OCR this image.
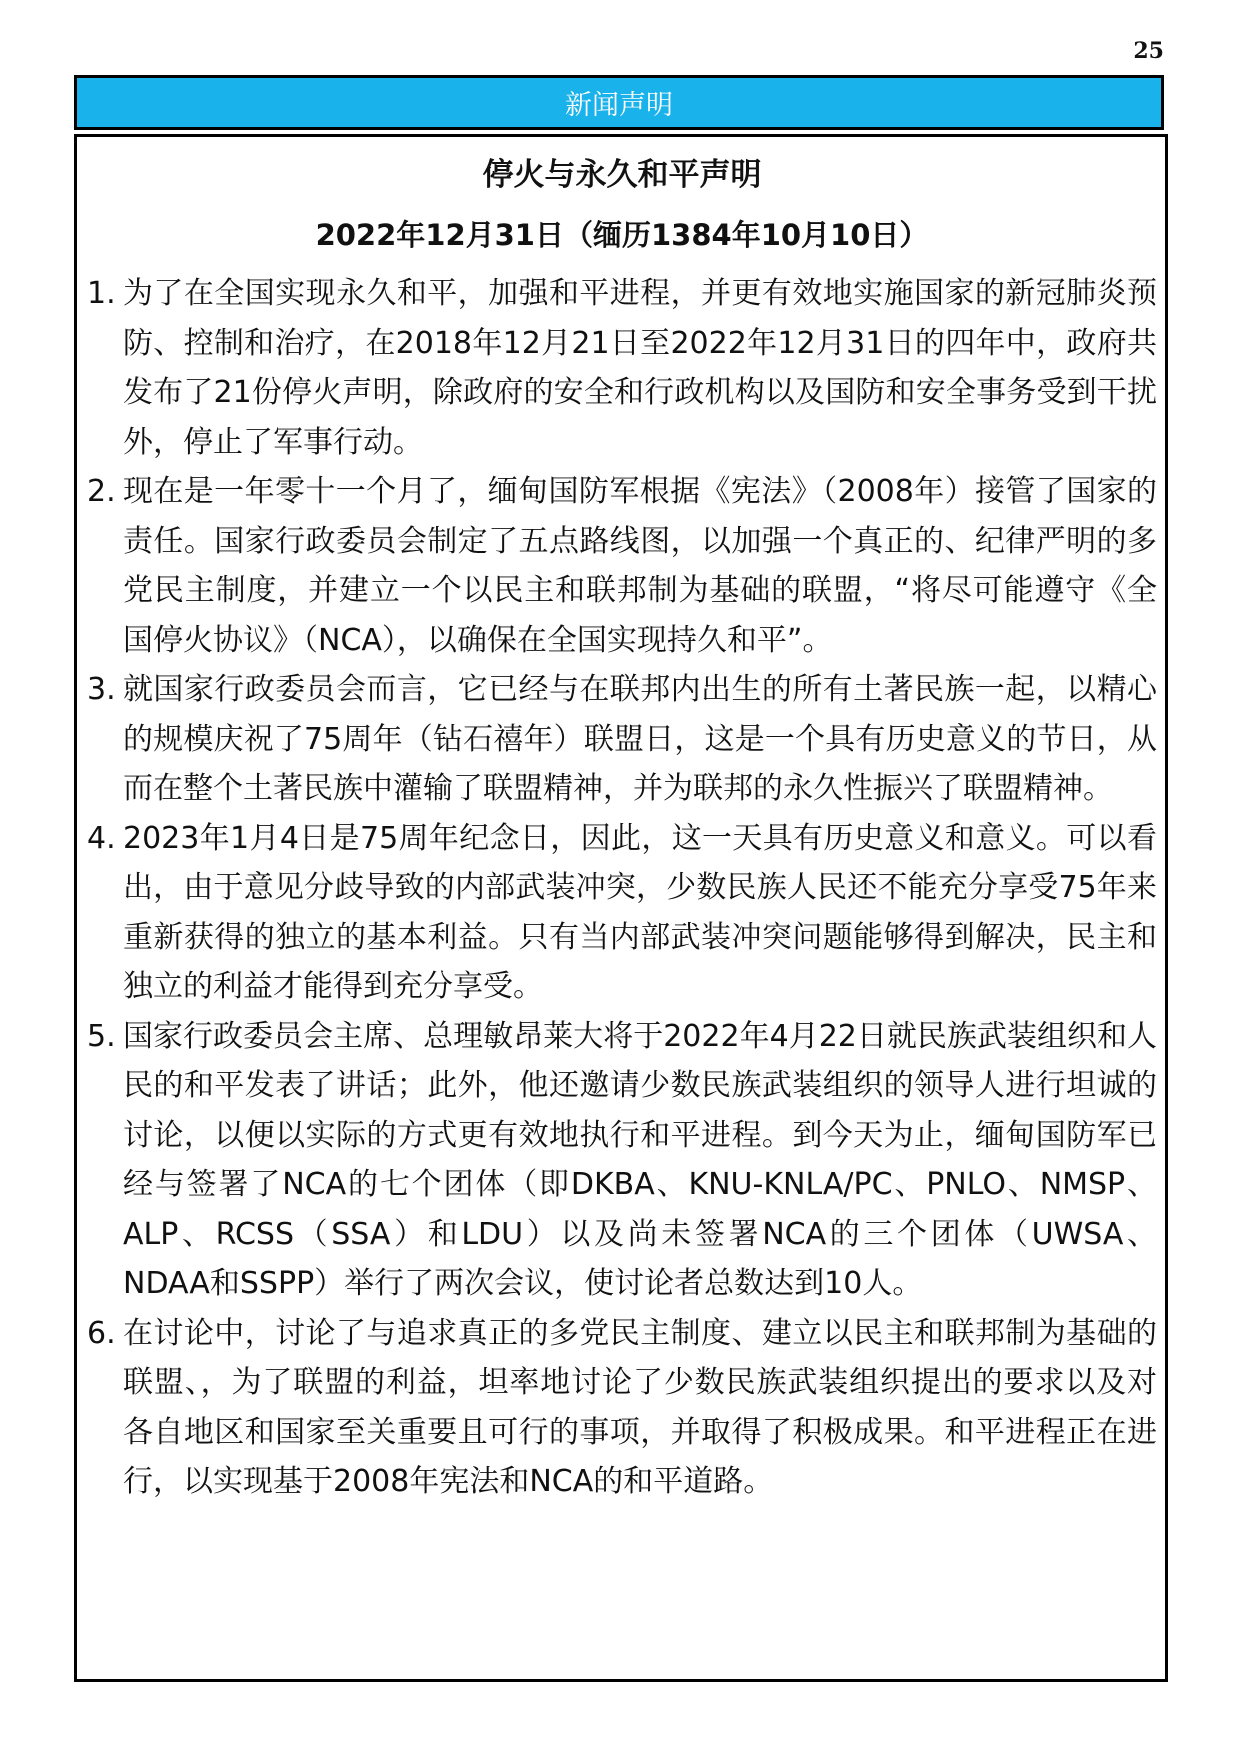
25
新闻声明
停火与永久和平声明
2022年12月31日（缅历1384年10月10日）
1. 为了在全国实现永久和平，加强和平进程，并更有效地实施国家的新冠肺炎预防、控制和治疗，在2018年12月21日至2022年12月31日的四年中，政府共发布了21份停火声明，除政府的安全和行政机构以及国防和安全事务受到干扰外，停止了军事行动。
2. 现在是一年零十一个月了，缅甸国防军根据《宪法》（2008年）接管了国家的责任。国家行政委员会制定了五点路线图，以加强一个真正的、纪律严明的多党民主制度，并建立一个以民主和联邦制为基础的联盟，“将尽可能遵守《全国停火协议》（NCA），以确保在全国实现持久和平”。
3. 就国家行政委员会而言，它已经与在联邦内出生的所有土著民族一起，以精心的规模庆祝了75周年（钻石禧年）联盟日，这是一个具有历史意义的节日，从而在整个土著民族中灌输了联盟精神，并为联邦的永久性振兴了联盟精神。
4. 2023年1月4日是75周年纪念日，因此，这一天具有历史意义和意义。可以看出，由于意见分歧导致的内部武装冲突，少数民族人民还不能充分享受75年来重新获得的独立的基本利益。只有当内部武装冲突问题能够得到解决，民主和独立的利益才能得到充分享受。
5. 国家行政委员会主席、总理敏昂莱大将于2022年4月22日就民族武装组织和人民的和平发表了讲话；此外，他还邀请少数民族武装组织的领导人进行坦诚的讨论，以便以实际的方式更有效地执行和平进程。到今天为止，缅甸国防军已经与签署了NCA的七个团体（即DKBA、KNU-KNLA/PC、PNLO、NMSP、ALP、RCSS（SSA）和LDU）以及尚未签署NCA的三个团体（UWSA、NDAA和SSPP）举行了两次会议，使讨论者总数达到10人。
6. 在讨论中，讨论了与追求真正的多党民主制度、建立以民主和联邦制为基础的联盟、，为了联盟的利益，坦率地讨论了少数民族武装组织提出的要求以及对各自地区和国家至关重要且可行的事项，并取得了积极成果。和平进程正在进行，以实现基于2008年宪法和NCA的和平道路。
